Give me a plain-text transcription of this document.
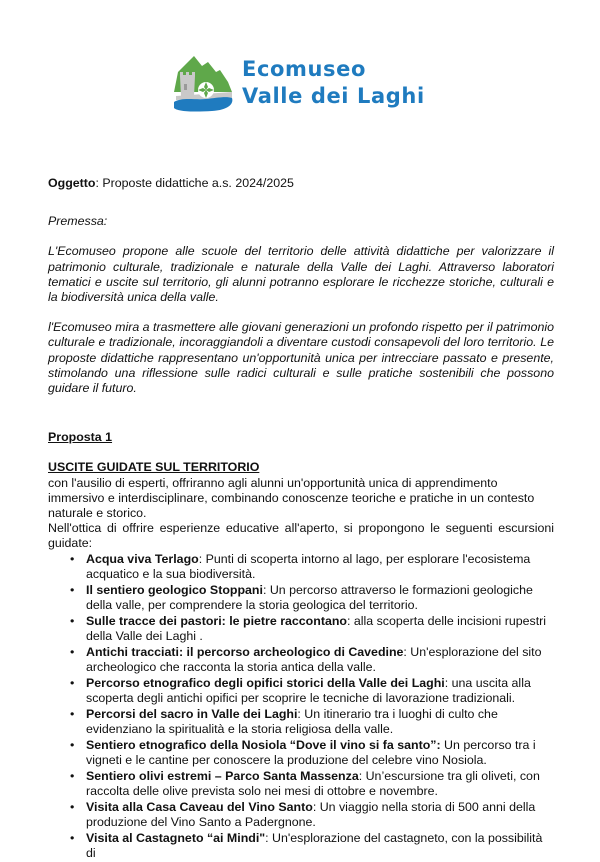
Ecomuseo
Valle dei Laghi

Oggetto: Proposte didattiche a.s. 2024/2025

Premessa:

L'Ecomuseo propone alle scuole del territorio delle attività didattiche per valorizzare il patrimonio culturale, tradizionale e naturale della Valle dei Laghi. Attraverso laboratori tematici e uscite sul territorio, gli alunni potranno esplorare le ricchezze storiche, culturali e la biodiversità unica della valle.

l'Ecomuseo mira a trasmettere alle giovani generazioni un profondo rispetto per il patrimonio culturale e tradizionale, incoraggiandoli a diventare custodi consapevoli del loro territorio. Le proposte didattiche rappresentano un'opportunità unica per intrecciare passato e presente, stimolando una riflessione sulle radici culturali e sulle pratiche sostenibili che possono guidare il futuro.

Proposta 1

USCITE GUIDATE SUL TERRITORIO

con l'ausilio di esperti, offriranno agli alunni un'opportunità unica di apprendimento immersivo e interdisciplinare, combinando conoscenze teoriche e pratiche in un contesto naturale e storico.

Nell'ottica di offrire esperienze educative all'aperto, si propongono le seguenti escursioni guidate:

• Acqua viva Terlago: Punti di scoperta intorno al lago, per esplorare l'ecosistema acquatico e la sua biodiversità.
• Il sentiero geologico Stoppani: Un percorso attraverso le formazioni geologiche della valle, per comprendere la storia geologica del territorio.
• Sulle tracce dei pastori: le pietre raccontano: alla scoperta delle incisioni rupestri della Valle dei Laghi .
• Antichi tracciati: il percorso archeologico di Cavedine: Un'esplorazione del sito archeologico che racconta la storia antica della valle.
• Percorso etnografico degli opifici storici della Valle dei Laghi: una uscita alla scoperta degli antichi opifici per scoprire le tecniche di lavorazione tradizionali.
• Percorsi del sacro in Valle dei Laghi: Un itinerario tra i luoghi di culto che evidenziano la spiritualità e la storia religiosa della valle.
• Sentiero etnografico della Nosiola “Dove il vino si fa santo”: Un percorso tra i vigneti e le cantine per conoscere la produzione del celebre vino Nosiola.
• Sentiero olivi estremi – Parco Santa Massenza: Un’escursione tra gli oliveti, con raccolta delle olive prevista solo nei mesi di ottobre e novembre.
• Visita alla Casa Caveau del Vino Santo: Un viaggio nella storia di 500 anni della produzione del Vino Santo a Padergnone.
• Visita al Castagneto “ai Mindi": Un'esplorazione del castagneto, con la possibilità di
